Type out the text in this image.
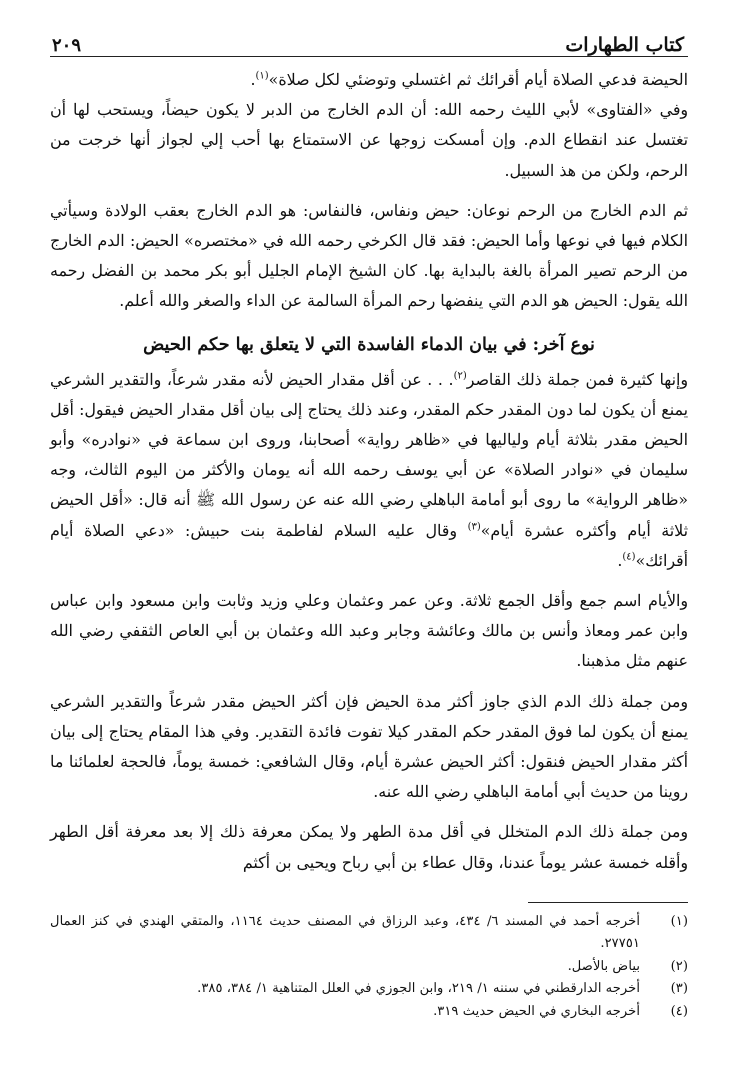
كتاب الطهارات
٢٠٩

الحيضة فدعي الصلاة أيام أقرائك ثم اغتسلي وتوضئي لكل صلاة»$^{(١)}$.

وفي «الفتاوى» لأبي الليث رحمه الله: أن الدم الخارج من الدبر لا يكون حيضاً، ويستحب لها أن تغتسل عند انقطاع الدم. وإن أمسكت زوجها عن الاستمتاع بها أحب إلي لجواز أنها خرجت من الرحم، ولكن من هذ السبيل.

ثم الدم الخارج من الرحم نوعان: حيض ونفاس، فالنفاس: هو الدم الخارج بعقب الولادة وسيأتي الكلام فيها في نوعها وأما الحيض: فقد قال الكرخي رحمه الله في «مختصره» الحيض: الدم الخارج من الرحم تصير المرأة بالغة بالبداية بها. كان الشيخ الإمام الجليل أبو بكر محمد بن الفضل رحمه الله يقول: الحيض هو الدم التي ينفضها رحم المرأة السالمة عن الداء والصغر والله أعلم.

نوع آخر: في بيان الدماء الفاسدة التي لا يتعلق بها حكم الحيض

وإنها كثيرة فمن جملة ذلك القاصر$^{(٢)}$. . . عن أقل مقدار الحيض لأنه مقدر شرعاً، والتقدير الشرعي يمنع أن يكون لما دون المقدر حكم المقدر، وعند ذلك يحتاج إلى بيان أقل مقدار الحيض فيقول: أقل الحيض مقدر بثلاثة أيام ولياليها في «ظاهر رواية» أصحابنا، وروى ابن سماعة في «نوادره» وأبو سليمان في «نوادر الصلاة» عن أبي يوسف رحمه الله أنه يومان والأكثر من اليوم الثالث، وجه «ظاهر الرواية» ما روى أبو أمامة الباهلي رضي الله عنه عن رسول الله ﷺ أنه قال: «أقل الحيض ثلاثة أيام وأكثره عشرة أيام»$^{(٣)}$ وقال عليه السلام لفاطمة بنت حبيش: «دعي الصلاة أيام أقرائك»$^{(٤)}$.

والأيام اسم جمع وأقل الجمع ثلاثة. وعن عمر وعثمان وعلي وزيد وثابت وابن مسعود وابن عباس وابن عمر ومعاذ وأنس بن مالك وعائشة وجابر وعبد الله وعثمان بن أبي العاص الثقفي رضي الله عنهم مثل مذهبنا.

ومن جملة ذلك الدم الذي جاوز أكثر مدة الحيض فإن أكثر الحيض مقدر شرعاً والتقدير الشرعي يمنع أن يكون لما فوق المقدر حكم المقدر كيلا تفوت فائدة التقدير. وفي هذا المقام يحتاج إلى بيان أكثر مقدار الحيض فنقول: أكثر الحيض عشرة أيام، وقال الشافعي: خمسة يوماً، فالحجة لعلمائنا ما روينا من حديث أبي أمامة الباهلي رضي الله عنه.

ومن جملة ذلك الدم المتخلل في أقل مدة الطهر ولا يمكن معرفة ذلك إلا بعد معرفة أقل الطهر وأقله خمسة عشر يوماً عندنا، وقال عطاء بن أبي رباح ويحيى بن أكثم

(١)
أخرجه أحمد في المسند ٦/ ٤٣٤، وعبد الرزاق في المصنف حديث ١١٦٤، والمتقي الهندي في كنز العمال ٢٧٧٥١.
(٢)
بياض بالأصل.
(٣)
أخرجه الدارقطني في سننه ١/ ٢١٩، وابن الجوزي في العلل المتناهية ١/ ٣٨٤، ٣٨٥.
(٤)
أخرجه البخاري في الحيض حديث ٣١٩.
